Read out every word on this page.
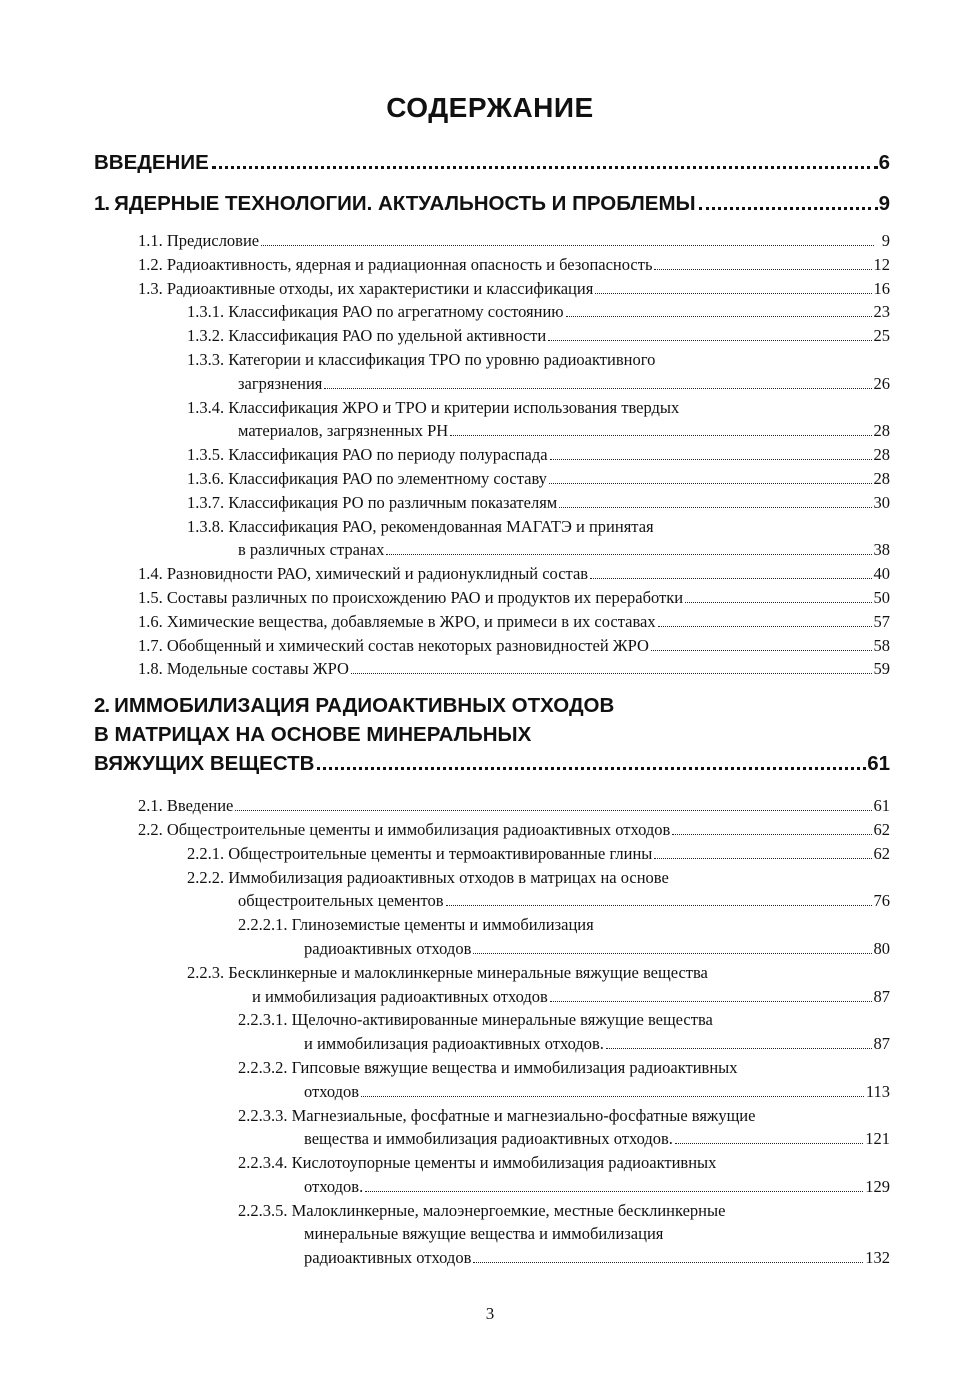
СОДЕРЖАНИЕ
ВВЕДЕНИЕ	6
1. ЯДЕРНЫЕ ТЕХНОЛОГИИ. АКТУАЛЬНОСТЬ И ПРОБЛЕМЫ	9
1.1. Предисловие	9
1.2. Радиоактивность, ядерная и радиационная опасность и безопасность	12
1.3. Радиоактивные отходы, их характеристики и классификация	16
1.3.1. Классификация РАО по агрегатному состоянию	23
1.3.2. Классификация РАО по удельной активности	25
1.3.3. Категории и классификация ТРО по уровню радиоактивного
загрязнения	26
1.3.4. Классификация ЖРО и ТРО и критерии использования твердых
материалов, загрязненных РН	28
1.3.5. Классификация РАО по периоду полураспада	28
1.3.6. Классификация РАО по элементному составу	28
1.3.7. Классификация РО по различным показателям	30
1.3.8. Классификация РАО, рекомендованная МАГАТЭ и принятая
в различных странах	38
1.4. Разновидности РАО, химический и радионуклидный состав	40
1.5. Составы различных по происхождению РАО и продуктов их переработки	50
1.6. Химические вещества, добавляемые в ЖРО, и примеси в их составах	57
1.7. Обобщенный и химический состав некоторых разновидностей ЖРО	58
1.8. Модельные составы ЖРО	59
2. ИММОБИЛИЗАЦИЯ РАДИОАКТИВНЫХ ОТХОДОВ
В МАТРИЦАХ НА ОСНОВЕ МИНЕРАЛЬНЫХ
ВЯЖУЩИХ ВЕЩЕСТВ	61
2.1. Введение	61
2.2. Общестроительные цементы и иммобилизация радиоактивных отходов	62
2.2.1. Общестроительные цементы и термоактивированные глины	62
2.2.2. Иммобилизация радиоактивных отходов в матрицах на основе
общестроительных цементов	76
2.2.2.1. Глиноземистые цементы и иммобилизация
радиоактивных отходов	80
2.2.3. Бесклинкерные и малоклинкерные минеральные вяжущие вещества
и иммобилизация радиоактивных отходов	87
2.2.3.1. Щелочно-активированные минеральные вяжущие вещества
и иммобилизация радиоактивных отходов.	87
2.2.3.2. Гипсовые вяжущие вещества и иммобилизация радиоактивных
отходов	113
2.2.3.3. Магнезиальные, фосфатные и магнезиально-фосфатные вяжущие
вещества и иммобилизация радиоактивных отходов.	121
2.2.3.4. Кислотоупорные цементы и иммобилизация радиоактивных
отходов.	129
2.2.3.5. Малоклинкерные, малоэнергоемкие, местные бесклинкерные
минеральные вяжущие вещества и иммобилизация
радиоактивных отходов	132
3
